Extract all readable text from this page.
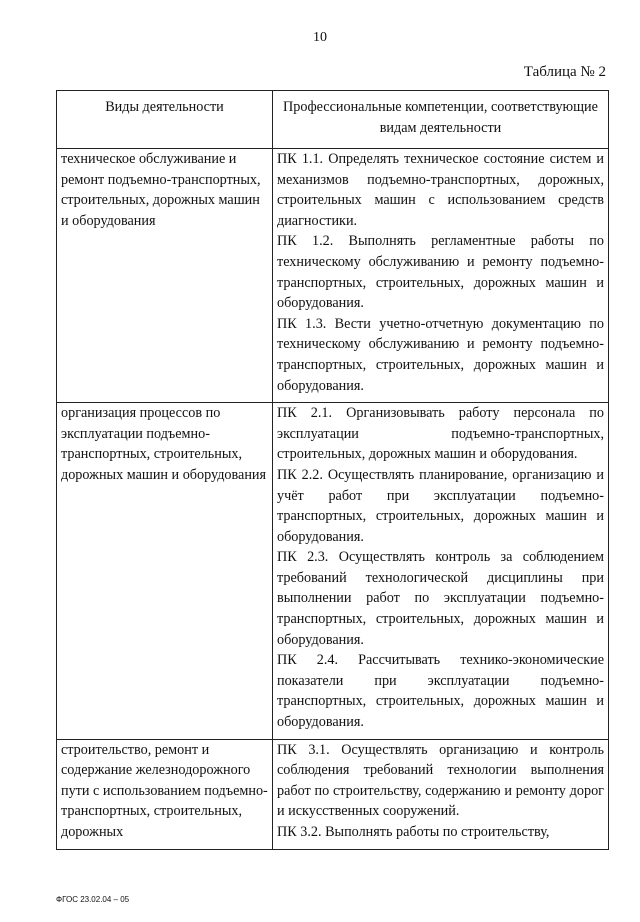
10
Таблица № 2
Виды деятельности	Профессиональные компетенции, соответствующие видам деятельности
техническое обслуживание и ремонт подъемно-транспортных, строительных, дорожных машин и оборудования	ПК 1.1. Определять техническое состояние систем и механизмов подъемно-транспортных, дорожных, строительных машин с использованием средств диагностики.

ПК 1.2. Выполнять регламентные работы по техническому обслуживанию и ремонту подъемно-транспортных, строительных, дорожных машин и оборудования.

ПК 1.3. Вести учетно-отчетную документацию по техническому обслуживанию и ремонту подъемно-транспортных, строительных, дорожных машин и оборудования.

организация процессов по эксплуатации подъемно-транспортных, строительных, дорожных машин и оборудования	ПК 2.1. Организовывать работу персонала по эксплуатации подъемно-транспортных, строительных, дорожных машин и оборудования.

ПК 2.2. Осуществлять планирование, организацию и учёт работ при эксплуатации подъемно-транспортных, строительных, дорожных машин и оборудования.

ПК 2.3. Осуществлять контроль за соблюдением требований технологической дисциплины при выполнении работ по эксплуатации подъемно-транспортных, строительных, дорожных машин и оборудования.

ПК 2.4. Рассчитывать технико-экономические показатели при эксплуатации подъемно-транспортных, строительных, дорожных машин и оборудования.

строительство, ремонт и содержание железнодорожного пути с использованием подъемно-транспортных, строительных, дорожных	ПК 3.1. Осуществлять организацию и контроль соблюдения требований технологии выполнения работ по строительству, содержанию и ремонту дорог и искусственных сооружений.

ПК 3.2. Выполнять работы по строительству,

ФГОС 23.02.04 – 05
